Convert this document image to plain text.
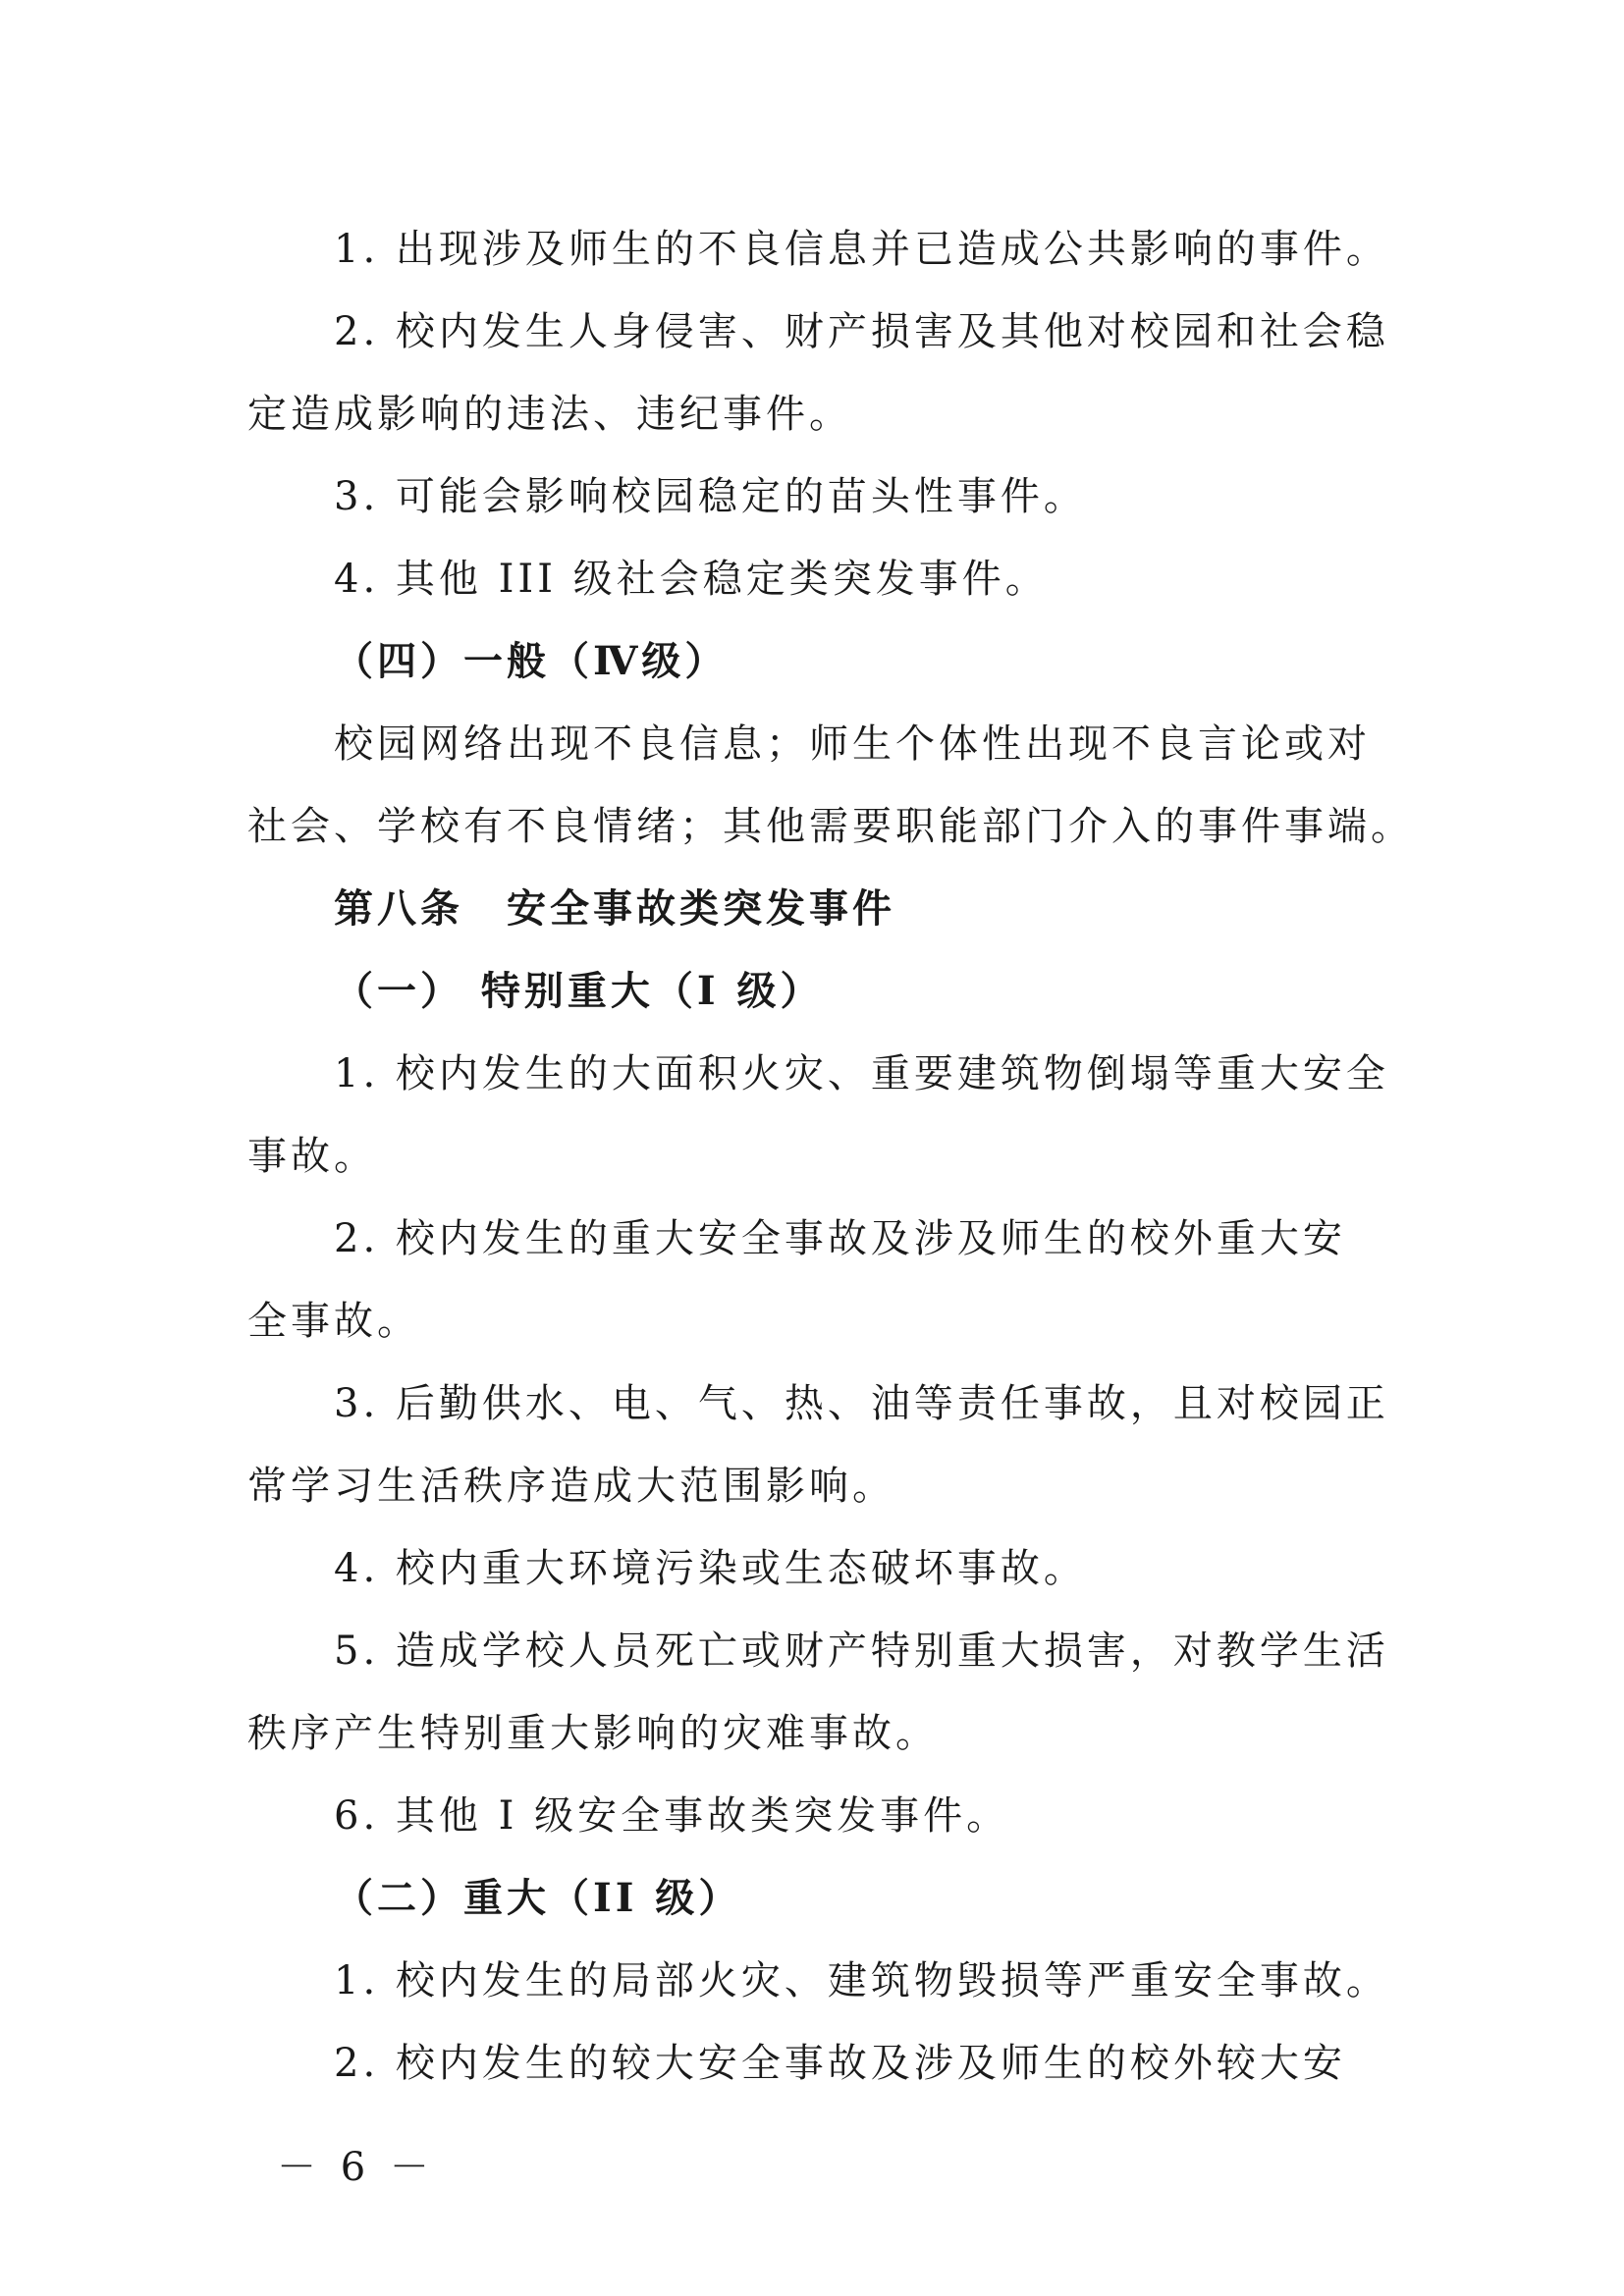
1. 出现涉及师生的不良信息并已造成公共影响的事件。
2. 校内发生人身侵害、财产损害及其他对校园和社会稳
定造成影响的违法、违纪事件。
3. 可能会影响校园稳定的苗头性事件。
4. 其他 III 级社会稳定类突发事件。
（四）一般（Ⅳ级）
校园网络出现不良信息；师生个体性出现不良言论或对
社会、学校有不良情绪；其他需要职能部门介入的事件事端。
第八条　安全事故类突发事件
（一） 特别重大（I 级）
1. 校内发生的大面积火灾、重要建筑物倒塌等重大安全
事故。
2. 校内发生的重大安全事故及涉及师生的校外重大安
全事故。
3. 后勤供水、电、气、热、油等责任事故，且对校园正
常学习生活秩序造成大范围影响。
4. 校内重大环境污染或生态破坏事故。
5. 造成学校人员死亡或财产特别重大损害，对教学生活
秩序产生特别重大影响的灾难事故。
6. 其他 I 级安全事故类突发事件。
（二）重大（II 级）
1. 校内发生的局部火灾、建筑物毁损等严重安全事故。
2. 校内发生的较大安全事故及涉及师生的校外较大安
－ 6 －
